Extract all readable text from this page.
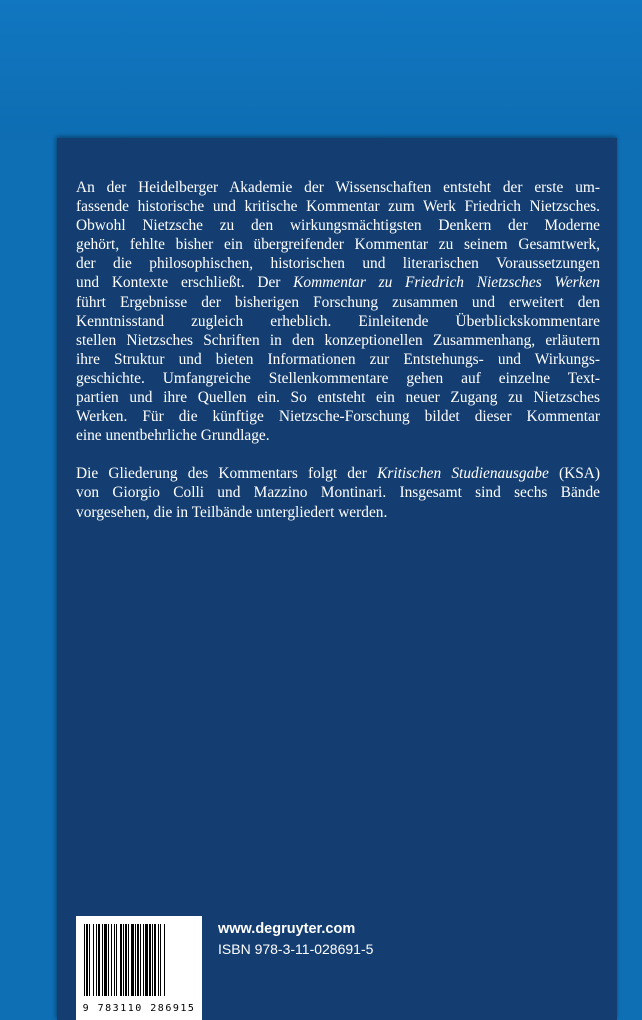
An der Heidelberger Akademie der Wissenschaften entsteht der erste um-
fassende historische und kritische Kommentar zum Werk Friedrich Nietzsches.
Obwohl Nietzsche zu den wirkungsmächtigsten Denkern der Moderne
gehört, fehlte bisher ein übergreifender Kommentar zu seinem Gesamtwerk,
der die philosophischen, historischen und literarischen Voraussetzungen
und Kontexte erschließt. Der Kommentar zu Friedrich Nietzsches Werken
führt Ergebnisse der bisherigen Forschung zusammen und erweitert den
Kenntnisstand zugleich erheblich. Einleitende Überblickskommentare
stellen Nietzsches Schriften in den konzeptionellen Zusammenhang, erläutern
ihre Struktur und bieten Informationen zur Entstehungs- und Wirkungs-
geschichte. Umfangreiche Stellenkommentare gehen auf einzelne Text-
partien und ihre Quellen ein. So entsteht ein neuer Zugang zu Nietzsches
Werken. Für die künftige Nietzsche-Forschung bildet dieser Kommentar
eine unentbehrliche Grundlage.

Die Gliederung des Kommentars folgt der Kritischen Studienausgabe (KSA)
von Giorgio Colli und Mazzino Montinari. Insgesamt sind sechs Bände
vorgesehen, die in Teilbände untergliedert werden.

9 783110 286915
www.degruyter.com
ISBN 978-3-11-028691-5
